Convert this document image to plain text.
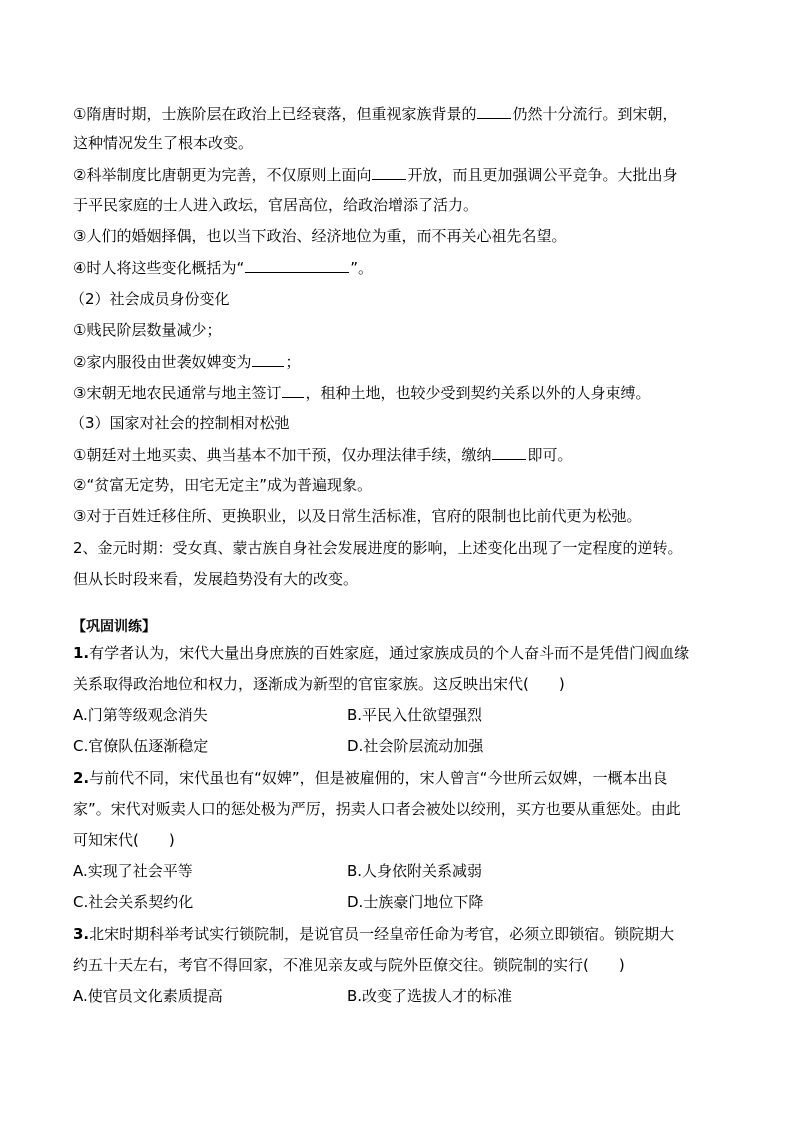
①隋唐时期，士族阶层在政治上已经衰落，但重视家族背景的 仍然十分流行。到宋朝，
这种情况发生了根本改变。
②科举制度比唐朝更为完善，不仅原则上面向 开放，而且更加强调公平竞争。大批出身
于平民家庭的士人进入政坛，官居高位，给政治增添了活力。
③人们的婚姻择偶，也以当下政治、经济地位为重，而不再关心祖先名望。
④时人将这些变化概括为“	”。
（2）社会成员身份变化
①贱民阶层数量减少；
②家内服役由世袭奴婢变为 ；
③宋朝无地农民通常与地主签订 ，租种土地，也较少受到契约关系以外的人身束缚。
（3）国家对社会的控制相对松弛
①朝廷对土地买卖、典当基本不加干预，仅办理法律手续，缴纳 即可。
②“贫富无定势，田宅无定主”成为普遍现象。
③对于百姓迁移住所、更换职业，以及日常生活标准，官府的限制也比前代更为松弛。
2、金元时期：受女真、蒙古族自身社会发展进度的影响，上述变化出现了一定程度的逆转。
但从长时段来看，发展趋势没有大的改变。
【巩固训练】
1.有学者认为，宋代大量出身庶族的百姓家庭，通过家族成员的个人奋斗而不是凭借门阀血缘
关系取得政治地位和权力，逐渐成为新型的官宦家族。这反映出宋代(　　)
A.门第等级观念消失	B.平民入仕欲望强烈
C.官僚队伍逐渐稳定	D.社会阶层流动加强
2.与前代不同，宋代虽也有“奴婢”，但是被雇佣的，宋人曾言“今世所云奴婢，一概本出良
家”。宋代对贩卖人口的惩处极为严厉，拐卖人口者会被处以绞刑，买方也要从重惩处。由此
可知宋代(　　)
A.实现了社会平等	B.人身依附关系减弱
C.社会关系契约化	D.士族豪门地位下降
3.北宋时期科举考试实行锁院制，是说官员一经皇帝任命为考官，必须立即锁宿。锁院期大
约五十天左右，考官不得回家，不准见亲友或与院外臣僚交往。锁院制的实行(　　)
A.使官员文化素质提高	B.改变了选拔人才的标准
